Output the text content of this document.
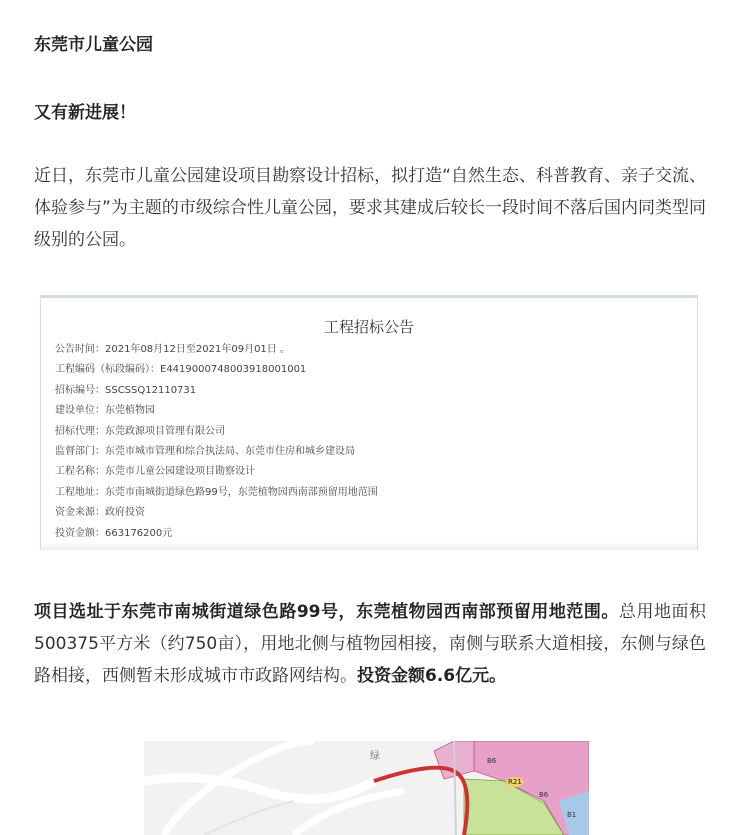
东莞市儿童公园
又有新进展！

近日，东莞市儿童公园建设项目勘察设计招标，拟打造“自然生态、科普教育、亲子交流、体验参与”为主题的市级综合性儿童公园，要求其建成后较长一段时间不落后国内同类型同级别的公园。

工程招标公告
公告时间：2021年08月12日至2021年09月01日 。
工程编码（标段编码）：E4419000748003918001001
招标编号：SSCSSQ12110731
建设单位：东莞植物园
招标代理：东莞政源项目管理有限公司
监督部门：东莞市城市管理和综合执法局、东莞市住房和城乡建设局
工程名称：东莞市儿童公园建设项目勘察设计
工程地址：东莞市南城街道绿色路99号，东莞植物园西南部预留用地范围
资金来源：政府投资
投资金额：663176200元

项目选址于东莞市南城街道绿色路99号，东莞植物园西南部预留用地范围。总用地面积500375平方米（约750亩），用地北侧与植物园相接，南侧与联系大道相接，东侧与绿色路相接，西侧暂未形成城市市政路网结构。投资金额6.6亿元。

绿	B6
R21
B6
B1
